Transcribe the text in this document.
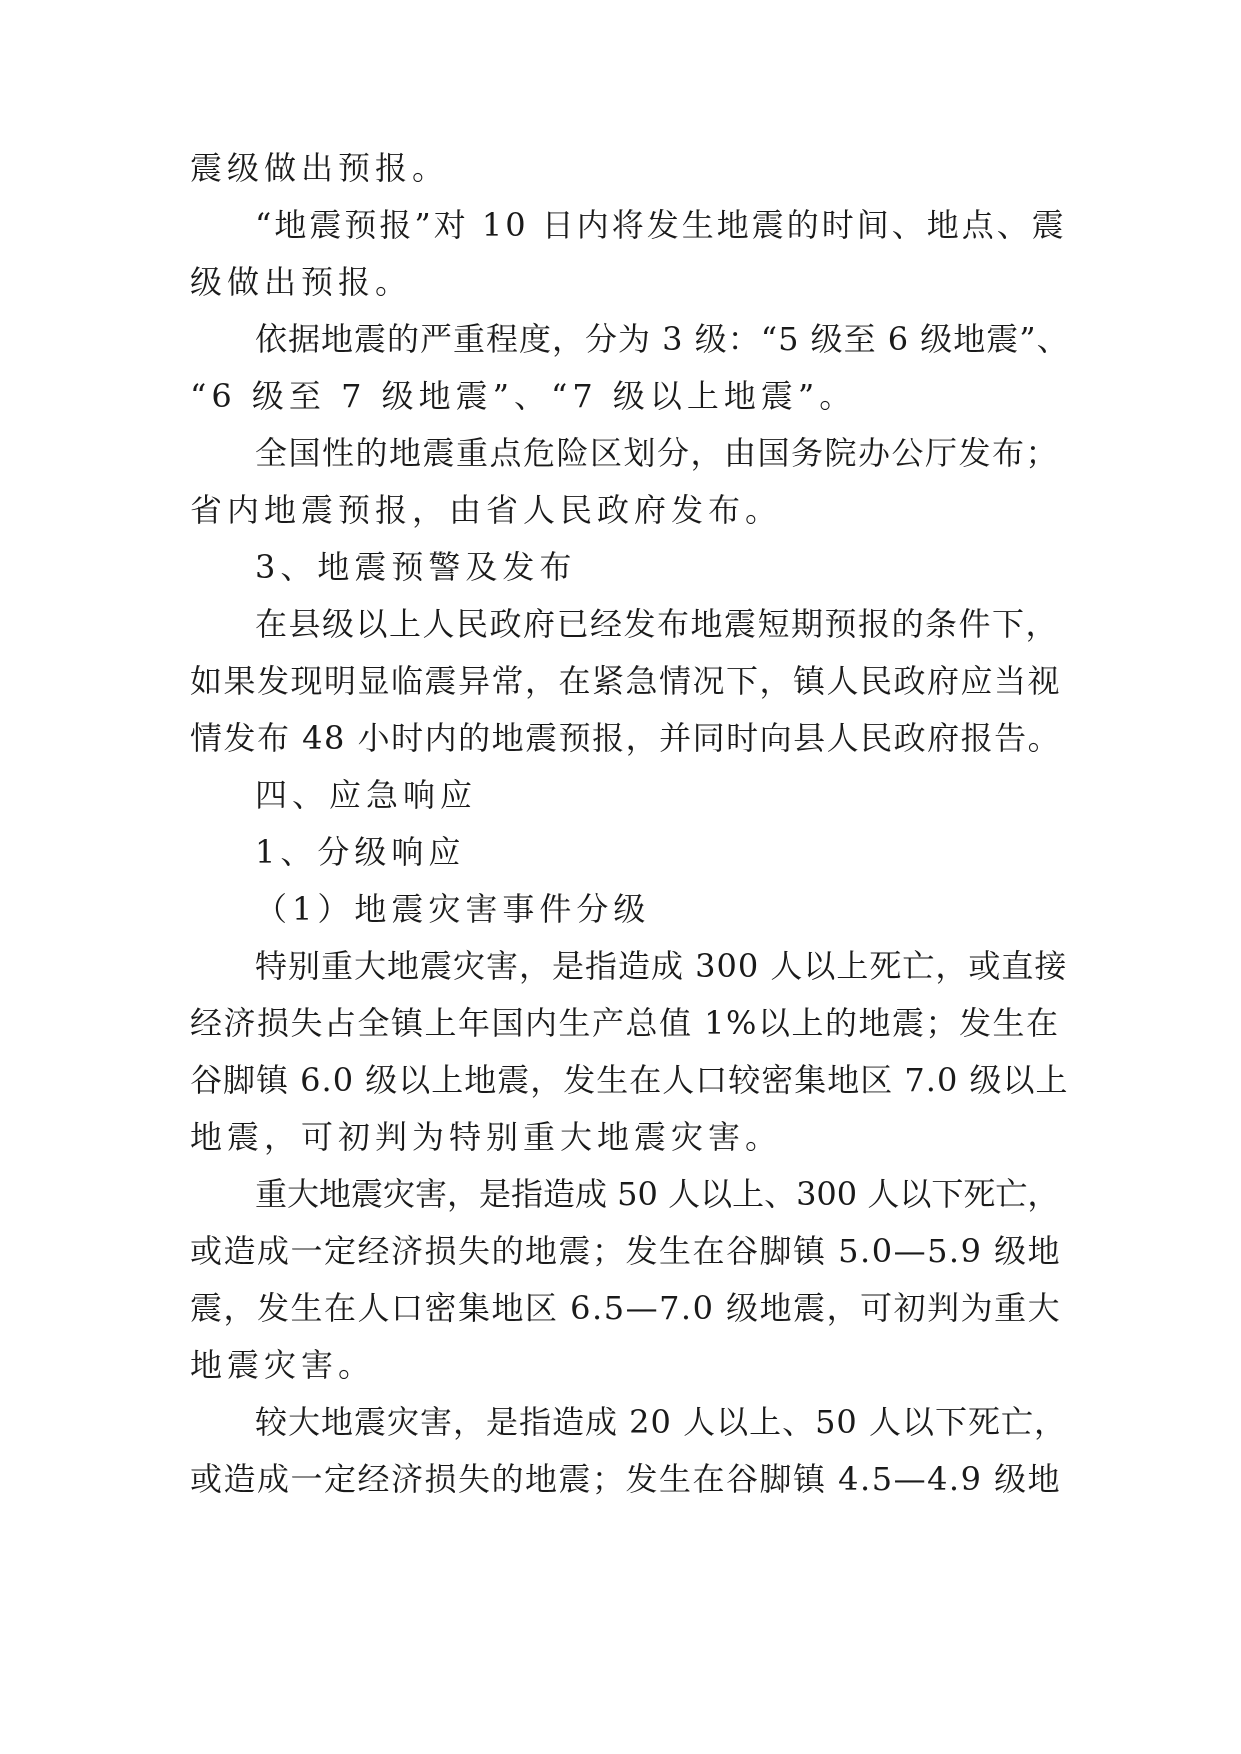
震级做出预报。
“地震预报”对 10 日内将发生地震的时间、地点、震
级做出预报。
依据地震的严重程度，分为 3 级：“5 级至 6 级地震”、
“6 级至 7 级地震”、“7 级以上地震”。
全国性的地震重点危险区划分，由国务院办公厅发布；
省内地震预报，由省人民政府发布。
3、地震预警及发布
在县级以上人民政府已经发布地震短期预报的条件下，
如果发现明显临震异常，在紧急情况下，镇人民政府应当视
情发布 48 小时内的地震预报，并同时向县人民政府报告。
四、应急响应
1、分级响应
（1）地震灾害事件分级
特别重大地震灾害，是指造成 300 人以上死亡，或直接
经济损失占全镇上年国内生产总值 1%以上的地震；发生在
谷脚镇 6.0 级以上地震，发生在人口较密集地区 7.0 级以上
地震，可初判为特别重大地震灾害。
重大地震灾害，是指造成 50 人以上、300 人以下死亡，
或造成一定经济损失的地震；发生在谷脚镇 5.0—5.9 级地
震，发生在人口密集地区 6.5—7.0 级地震，可初判为重大
地震灾害。
较大地震灾害，是指造成 20 人以上、50 人以下死亡，
或造成一定经济损失的地震；发生在谷脚镇 4.5—4.9 级地
